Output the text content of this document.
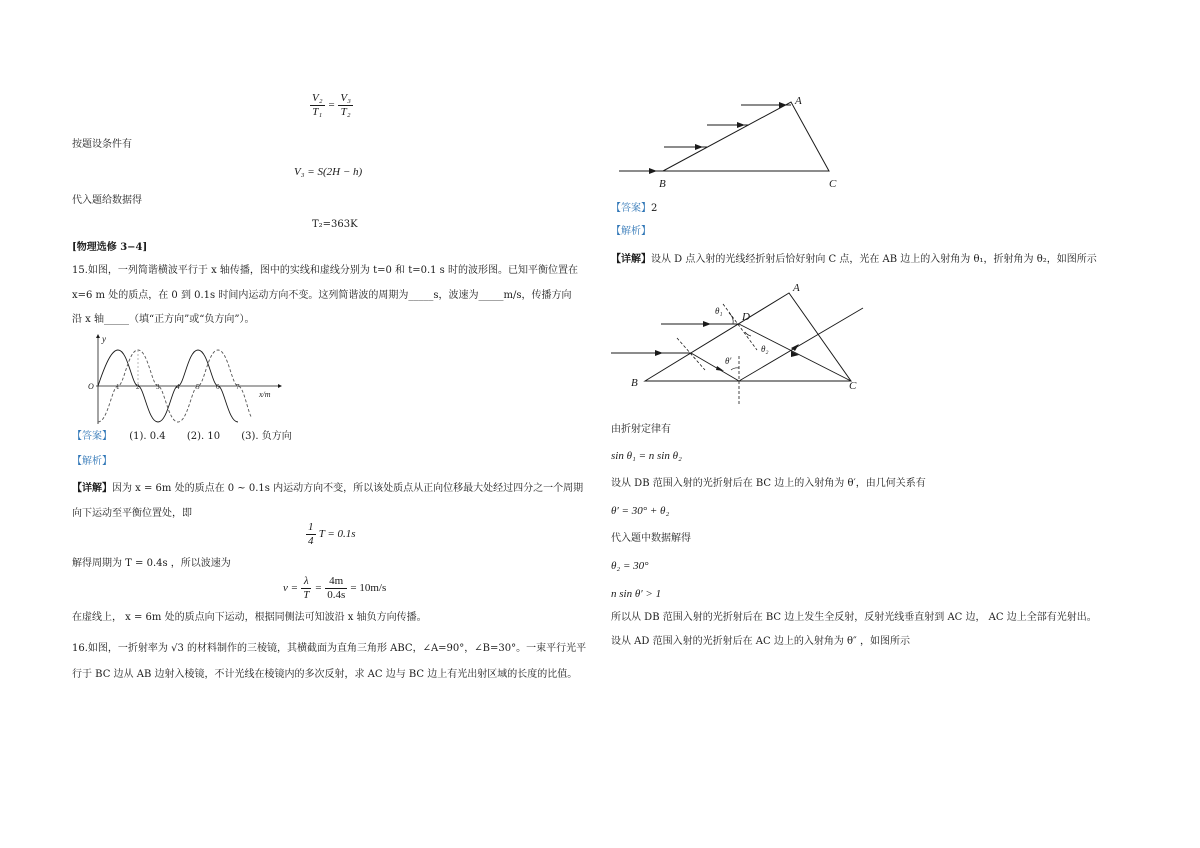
$\frac{\text{V₂}}{\text{T₁}} = \frac{\text{V₃}}{\text{T₂}}$
按题设条件有
V₃ = S(2H − h)
代入题给数据得
T₂=363K
[物理选修 3−4]
15.如图，一列简谐横波平行于 x 轴传播，图中的实线和虚线分别为 t=0 和 t=0.1 s 时的波形图。已知平衡位置在
x=6 m 处的质点，在 0 到 0.1s 时间内运动方向不变。这列简谐波的周期为_____s，波速为_____m/s，传播方向
沿 x 轴_____（填“正方向”或“负方向”）。
y
x/m
O	1 2 3 4 5 6 7
【答案】 (1). 0.4 (2). 10 (3). 负方向
【解析】
【详解】因为 x = 6m 处的质点在 0 ~ 0.1s 内运动方向不变，所以该处质点从正向位移最大处经过四分之一个周期向下运动至平衡位置处，即
$\frac{1}{4}$ T = 0.1s
解得周期为 T = 0.4s ，所以波速为
$v = \frac{\lambda}{T} = \frac{4m}{0.4s} = 10m/s$
在虚线上， x = 6m 处的质点向下运动，根据同侧法可知波沿 x 轴负方向传播。
16.如图，一折射率为 √3 的材料制作的三棱镜，其横截面为直角三角形 ABC，∠A=90°，∠B=30°。一束平行光平行于 BC 边从 AB 边射入棱镜，不计光线在棱镜内的多次反射，求 AC 边与 BC 边上有光出射区域的长度的比值。
A
B	C
【答案】2
【解析】
【详解】设从 D 点入射的光线经折射后恰好射向 C 点，光在 AB 边上的入射角为 θ₁，折射角为 θ₂，如图所示
A
B	C
D
θ₁
θ₂
θ′
由折射定律有
sin θ₁ = n sin θ₂
设从 DB 范围入射的光折射后在 BC 边上的入射角为 θ′，由几何关系有
θ′ = 30° + θ₂
代入题中数据解得
θ₂ = 30°
n sin θ′ > 1
所以从 DB 范围入射的光折射后在 BC 边上发生全反射，反射光线垂直射到 AC 边， AC 边上全部有光射出。
设从 AD 范围入射的光折射后在 AC 边上的入射角为 θ″ ，如图所示
